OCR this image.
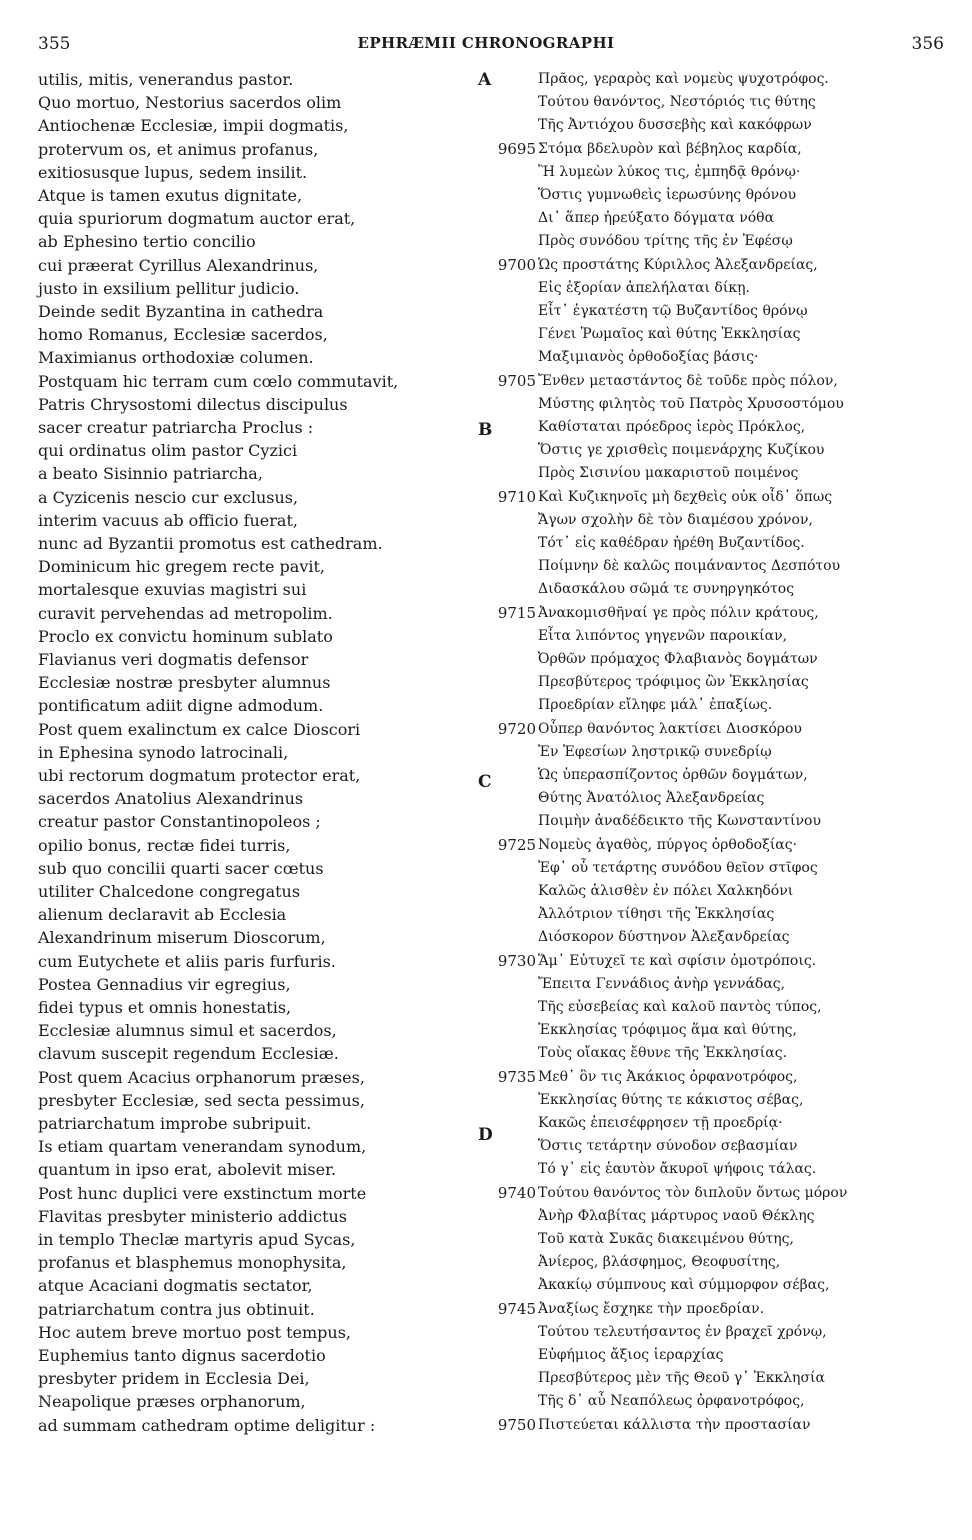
355	EPHRÆMII CHRONOGRAPHI	356
utilis, mitis, venerandus pastor.
Quo mortuo, Nestorius sacerdos olim
Antiochenæ Ecclesiæ, impii dogmatis,
protervum os, et animus profanus,
exitiosusque lupus, sedem insilit.
Atque is tamen exutus dignitate,
quia spuriorum dogmatum auctor erat,
ab Ephesino tertio concilio
cui præerat Cyrillus Alexandrinus,
justo in exsilium pellitur judicio.
Deinde sedit Byzantina in cathedra
homo Romanus, Ecclesiæ sacerdos,
Maximianus orthodoxiæ columen.
Postquam hic terram cum cœlo commutavit,
Patris Chrysostomi dilectus discipulus
sacer creatur patriarcha Proclus :
qui ordinatus olim pastor Cyzici
a beato Sisinnio patriarcha,
a Cyzicenis nescio cur exclusus,
interim vacuus ab officio fuerat,
nunc ad Byzantii promotus est cathedram.
Dominicum hic gregem recte pavit,
mortalesque exuvias magistri sui
curavit pervehendas ad metropolim.
Proclo ex convictu hominum sublato
Flavianus veri dogmatis defensor
Ecclesiæ nostræ presbyter alumnus
pontificatum adiit digne admodum.
Post quem exalinctum ex calce Dioscori
in Ephesina synodo latrocinali,
ubi rectorum dogmatum protector erat,
sacerdos Anatolius Alexandrinus
creatur pastor Constantinopoleos ;
opilio bonus, rectæ fidei turris,
sub quo concilii quarti sacer cœtus
utiliter Chalcedone congregatus
alienum declaravit ab Ecclesia
Alexandrinum miserum Dioscorum,
cum Eutychete et aliis paris furfuris.
Postea Gennadius vir egregius,
fidei typus et omnis honestatis,
Ecclesiæ alumnus simul et sacerdos,
clavum suscepit regendum Ecclesiæ.
Post quem Acacius orphanorum præses,
presbyter Ecclesiæ, sed secta pessimus,
patriarchatum improbe subripuit.
Is etiam quartam venerandam synodum,
quantum in ipso erat, abolevit miser.
Post hunc duplici vere exstinctum morte
Flavitas presbyter ministerio addictus
in templo Theclæ martyris apud Sycas,
profanus et blasphemus monophysita,
atque Acaciani dogmatis sectator,
patriarchatum contra jus obtinuit.
Hoc autem breve mortuo post tempus,
Euphemius tanto dignus sacerdotio
presbyter pridem in Ecclesia Dei,
Neapolique præses orphanorum,
ad summam cathedram optime deligitur :
A
B
C
D
Πρᾶος, γεραρὸς καὶ νομεὺς ψυχοτρόφος.
Τούτου θανόντος, Νεστόριός τις θύτης
Τῆς Ἀντιόχου δυσσεβὴς καὶ κακόφρων
9695 Στόμα βδελυρὸν καὶ βέβηλος καρδία,
Ἢ λυμεὼν λύκος τις, ἐμπηδᾷ θρόνῳ·
Ὅστις γυμνωθεὶς ἱερωσύνης θρόνου
Δι᾽ ἅπερ ἠρεύξατο δόγματα νόθα
Πρὸς συνόδου τρίτης τῆς ἐν Ἐφέσῳ
9700 Ὡς προστάτης Κύριλλος Ἀλεξανδρείας,
Εἰς ἐξορίαν ἀπελήλαται δίκῃ.
Εἶτ᾽ ἐγκατέστη τῷ Βυζαντίδος θρόνῳ
Γένει Ῥωμαῖος καὶ θύτης Ἐκκλησίας
Μαξιμιανὸς ὀρθοδοξίας βάσις·
9705 Ἔνθεν μεταστάντος δὲ τοῦδε πρὸς πόλον,
Μύστης φιλητὸς τοῦ Πατρὸς Χρυσοστόμου
Καθίσταται πρόεδρος ἱερὸς Πρόκλος,
Ὅστις γε χρισθεὶς ποιμενάρχης Κυζίκου
Πρὸς Σισινίου μακαριστοῦ ποιμένος
9710 Καὶ Κυζικηνοῖς μὴ δεχθεὶς οὐκ οἶδ᾽ ὅπως
Ἄγων σχολὴν δὲ τὸν διαμέσου χρόνον,
Τότ᾽ εἰς καθέδραν ἠρέθη Βυζαντίδος.
Ποίμνην δὲ καλῶς ποιμάναντος Δεσπότου
Διδασκάλου σῶμά τε συνηργηκότος
9715 Ἀνακομισθῆναί γε πρὸς πόλιν κράτους,
Εἶτα λιπόντος γηγενῶν παροικίαν,
Ὀρθῶν πρόμαχος Φλαβιανὸς δογμάτων
Πρεσβύτερος τρόφιμος ὢν Ἐκκλησίας
Προεδρίαν εἴληφε μάλ᾽ ἐπαξίως.
9720 Οὗπερ θανόντος λακτίσει Διοσκόρου
Ἐν Ἐφεσίων ληστρικῷ συνεδρίῳ
Ὡς ὑπερασπίζοντος ὀρθῶν δογμάτων,
Θύτης Ἀνατόλιος Ἀλεξανδρείας
Ποιμὴν ἀναδέδεικτο τῆς Κωνσταντίνου
9725 Νομεὺς ἀγαθὸς, πύργος ὀρθοδοξίας·
Ἐφ᾽ οὗ τετάρτης συνόδου θεῖον στῖφος
Καλῶς ἁλισθὲν ἐν πόλει Χαλκηδόνι
Ἀλλότριον τίθησι τῆς Ἐκκλησίας
Διόσκορον δύστηνον Ἀλεξανδρείας
9730 Ἅμ᾽ Εὐτυχεῖ τε καὶ σφίσιν ὁμοτρόποις.
Ἔπειτα Γεννάδιος ἀνὴρ γεννάδας,
Τῆς εὐσεβείας καὶ καλοῦ παντὸς τύπος,
Ἐκκλησίας τρόφιμος ἅμα καὶ θύτης,
Τοὺς οἴακας ἔθυνε τῆς Ἐκκλησίας.
9735 Μεθ᾽ ὃν τις Ἀκάκιος ὀρφανοτρόφος,
Ἐκκλησίας θύτης τε κάκιστος σέβας,
Κακῶς ἐπεισέφρησεν τῇ προεδρίᾳ·
Ὅστις τετάρτην σύνοδον σεβασμίαν
Τό γ᾽ εἰς ἑαυτὸν ἄκυροῖ ψήφοις τάλας.
9740 Τούτου θανόντος τὸν διπλοῦν ὄντως μόρον
Ἀνὴρ Φλαβίτας μάρτυρος ναοῦ Θέκλης
Τοῦ κατὰ Συκᾶς διακειμένου θύτης,
Ἀνίερος, βλάσφημος, Θεοφυσίτης,
Ἀκακίῳ σύμπνους καὶ σύμμορφον σέβας,
9745 Ἀναξίως ἔσχηκε τὴν προεδρίαν.
Τούτου τελευτήσαντος ἐν βραχεῖ χρόνῳ,
Εὐφήμιος ἄξιος ἱεραρχίας
Πρεσβύτερος μὲν τῆς Θεοῦ γ᾽ Ἐκκλησία
Τῆς δ᾽ αὖ Νεαπόλεως ὀρφανοτρόφος,
9750 Πιστεύεται κάλλιστα τὴν προστασίαν
